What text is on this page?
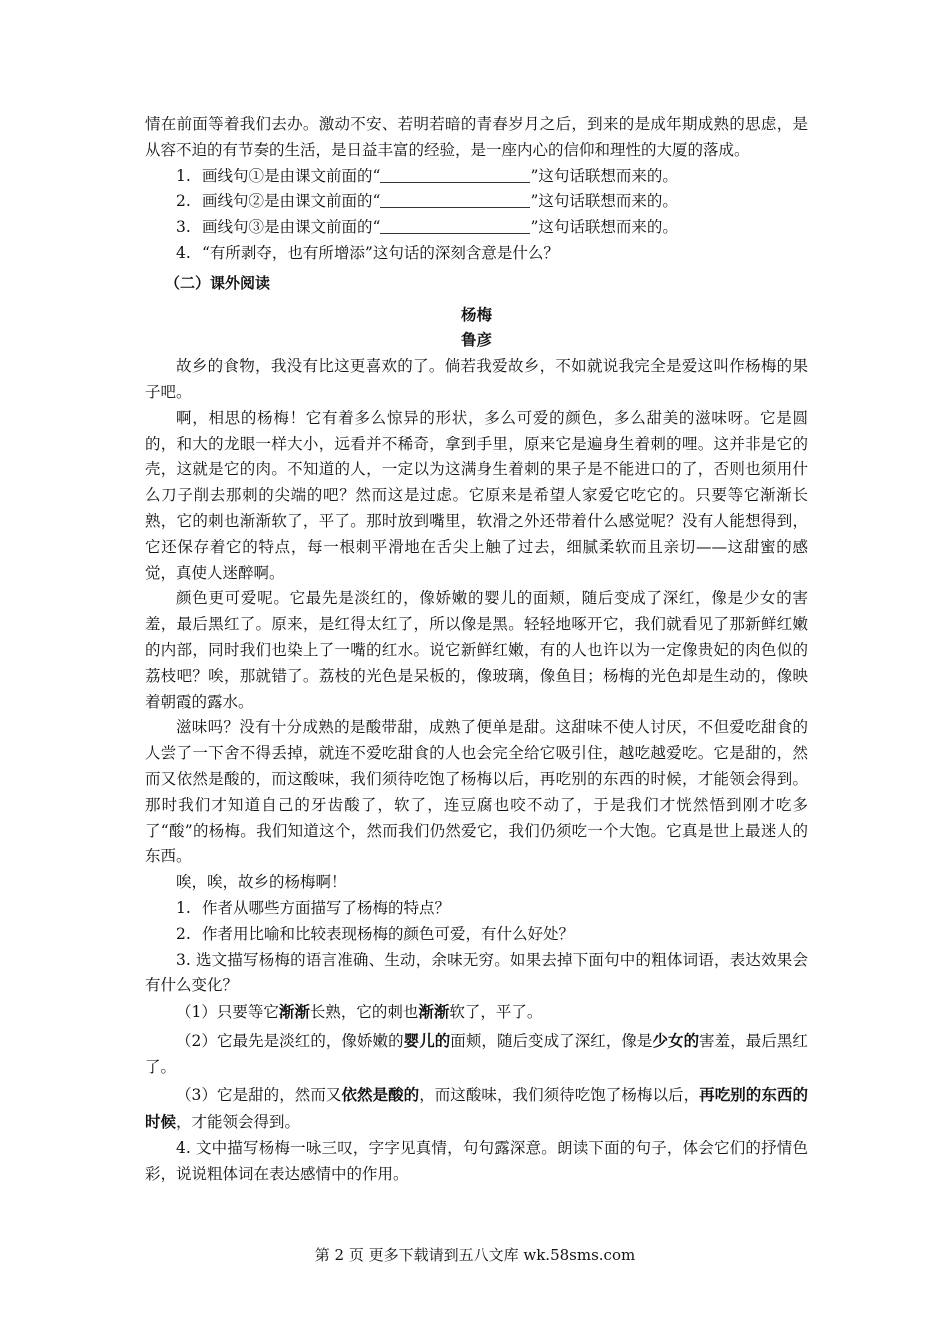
情在前面等着我们去办。激动不安、若明若暗的青春岁月之后，到来的是成年期成熟的思虑，是从容不迫的有节奏的生活，是日益丰富的经验，是一座内心的信仰和理性的大厦的落成。

1. 画线句①是由课文前面的“	”这句话联想而来的。

2. 画线句②是由课文前面的“	”这句话联想而来的。

3. 画线句③是由课文前面的“	”这句话联想而来的。

4. “有所剥夺，也有所增添”这句话的深刻含意是什么？

（二）课外阅读

杨梅

鲁彦

故乡的食物，我没有比这更喜欢的了。倘若我爱故乡，不如就说我完全是爱这叫作杨梅的果子吧。

啊，相思的杨梅！它有着多么惊异的形状，多么可爱的颜色，多么甜美的滋味呀。它是圆的，和大的龙眼一样大小，远看并不稀奇，拿到手里，原来它是遍身生着刺的哩。这并非是它的壳，这就是它的肉。不知道的人，一定以为这满身生着刺的果子是不能进口的了，否则也须用什么刀子削去那刺的尖端的吧？然而这是过虑。它原来是希望人家爱它吃它的。只要等它渐渐长熟，它的刺也渐渐软了，平了。那时放到嘴里，软滑之外还带着什么感觉呢？没有人能想得到，它还保存着它的特点，每一根刺平滑地在舌尖上触了过去，细腻柔软而且亲切——这甜蜜的感觉，真使人迷醉啊。

颜色更可爱呢。它最先是淡红的，像娇嫩的婴儿的面颊，随后变成了深红，像是少女的害羞，最后黑红了。原来，是红得太红了，所以像是黑。轻轻地啄开它，我们就看见了那新鲜红嫩的内部，同时我们也染上了一嘴的红水。说它新鲜红嫩，有的人也许以为一定像贵妃的肉色似的荔枝吧？唉，那就错了。荔枝的光色是呆板的，像玻璃，像鱼目；杨梅的光色却是生动的，像映着朝霞的露水。

滋味吗？没有十分成熟的是酸带甜，成熟了便单是甜。这甜味不使人讨厌，不但爱吃甜食的人尝了一下舍不得丢掉，就连不爱吃甜食的人也会完全给它吸引住，越吃越爱吃。它是甜的，然而又依然是酸的，而这酸味，我们须待吃饱了杨梅以后，再吃别的东西的时候，才能领会得到。那时我们才知道自己的牙齿酸了，软了，连豆腐也咬不动了，于是我们才恍然悟到刚才吃多了“酸”的杨梅。我们知道这个，然而我们仍然爱它，我们仍须吃一个大饱。它真是世上最迷人的东西。

唉，唉，故乡的杨梅啊！

1. 作者从哪些方面描写了杨梅的特点？

2. 作者用比喻和比较表现杨梅的颜色可爱，有什么好处？

3. 选文描写杨梅的语言准确、生动，余味无穷。如果去掉下面句中的粗体词语，表达效果会有什么变化？

（1）只要等它渐渐长熟，它的刺也渐渐软了，平了。

（2）它最先是淡红的，像娇嫩的婴儿的面颊，随后变成了深红，像是少女的害羞，最后黑红了。

（3）它是甜的，然而又依然是酸的，而这酸味，我们须待吃饱了杨梅以后，再吃别的东西的时候，才能领会得到。

4. 文中描写杨梅一咏三叹，字字见真情，句句露深意。朗读下面的句子，体会它们的抒情色彩，说说粗体词在表达感情中的作用。

第 2 页 更多下载请到五八文库 wk.58sms.com
